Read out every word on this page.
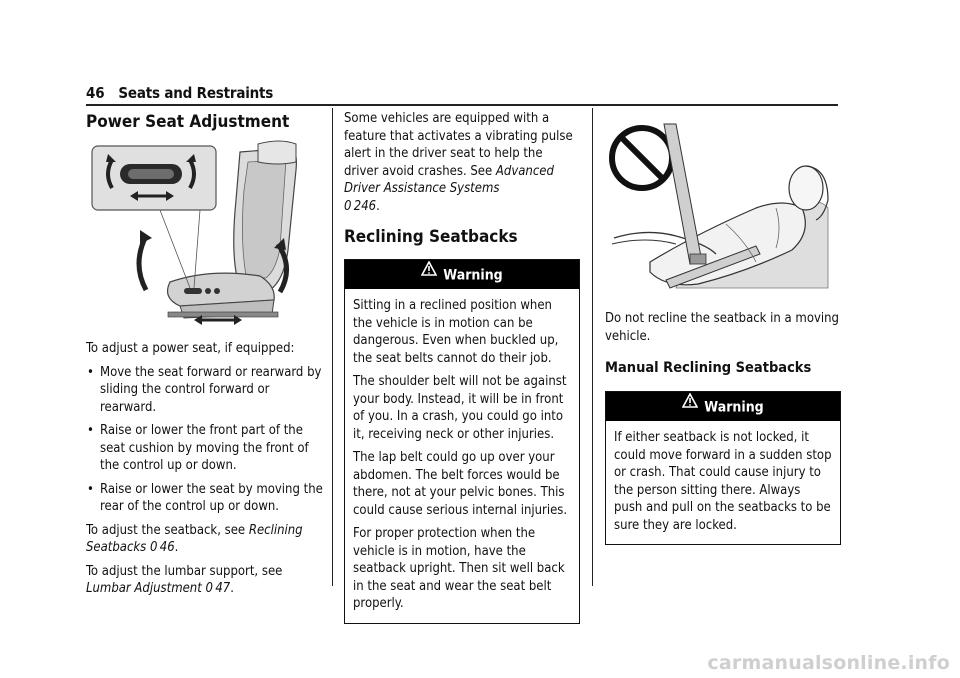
46 Seats and Restraints
Power Seat Adjustment

To adjust a power seat, if equipped:

• Move the seat forward or rearward by sliding the control forward or rearward.
• Raise or lower the front part of the seat cushion by moving the front of the control up or down.
• Raise or lower the seat by moving the rear of the control up or down.

To adjust the seatback, see Reclining Seatbacks 0  46.

To adjust the lumbar support, see Lumbar Adjustment 0  47.

Some vehicles are equipped with a feature that activates a vibrating pulse alert in the driver seat to help the driver avoid crashes. See Advanced Driver Assistance Systems
0  246.

Reclining Seatbacks
Warning

Sitting in a reclined position when the vehicle is in motion can be dangerous. Even when buckled up, the seat belts cannot do their job.

The shoulder belt will not be against your body. Instead, it will be in front of you. In a crash, you could go into it, receiving neck or other injuries.

The lap belt could go up over your abdomen. The belt forces would be there, not at your pelvic bones. This could cause serious internal injuries.

For proper protection when the vehicle is in motion, have the seatback upright. Then sit well back in the seat and wear the seat belt properly.

Do not recline the seatback in a moving vehicle.

Manual Reclining Seatbacks
Warning

If either seatback is not locked, it could move forward in a sudden stop or crash. That could cause injury to the person sitting there. Always push and pull on the seatbacks to be sure they are locked.

carmanualsonline.info
